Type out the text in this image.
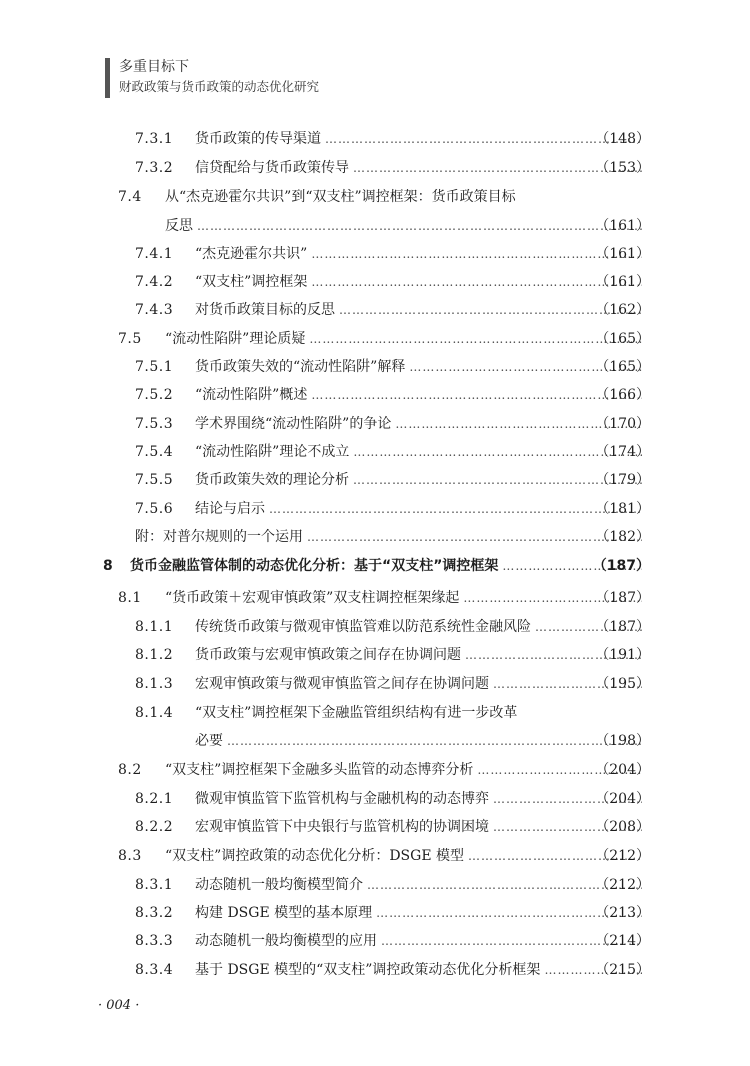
多重目标下
财政政策与货币政策的动态优化研究
7.3.1 货币政策的传导渠道 ……………………………………………………………………………………………………………………………………………………………………	（148）
7.3.2 信贷配给与货币政策传导 ……………………………………………………………………………………………………………………………………………………………………	（153）
7.4 从“杰克逊霍尔共识”到“双支柱”调控框架：货币政策目标
反思 ……………………………………………………………………………………………………………………………………………………………………	（161）
7.4.1 “杰克逊霍尔共识” ……………………………………………………………………………………………………………………………………………………………………	（161）
7.4.2 “双支柱”调控框架 ……………………………………………………………………………………………………………………………………………………………………	（161）
7.4.3 对货币政策目标的反思 ……………………………………………………………………………………………………………………………………………………………………	（162）
7.5 “流动性陷阱”理论质疑 ……………………………………………………………………………………………………………………………………………………………………	（165）
7.5.1 货币政策失效的“流动性陷阱”解释 ……………………………………………………………………………………………………………………………………………………………………	（165）
7.5.2 “流动性陷阱”概述 ……………………………………………………………………………………………………………………………………………………………………	（166）
7.5.3 学术界围绕“流动性陷阱”的争论 ……………………………………………………………………………………………………………………………………………………………………	（170）
7.5.4 “流动性陷阱”理论不成立 ……………………………………………………………………………………………………………………………………………………………………	（174）
7.5.5 货币政策失效的理论分析 ……………………………………………………………………………………………………………………………………………………………………	（179）
7.5.6 结论与启示 ……………………………………………………………………………………………………………………………………………………………………	（181）
附：对普尔规则的一个运用 ……………………………………………………………………………………………………………………………………………………………………	（182）
8 货币金融监管体制的动态优化分析：基于“双支柱”调控框架 ……………………………………………………………………………………………………………………………………………………………………	（187）
8.1 “货币政策＋宏观审慎政策”双支柱调控框架缘起 ……………………………………………………………………………………………………………………………………………………………………	（187）
8.1.1 传统货币政策与微观审慎监管难以防范系统性金融风险 ……………………………………………………………………………………………………………………………………………………………………	（187）
8.1.2 货币政策与宏观审慎政策之间存在协调问题 ……………………………………………………………………………………………………………………………………………………………………	（191）
8.1.3 宏观审慎政策与微观审慎监管之间存在协调问题 ……………………………………………………………………………………………………………………………………………………………………	（195）
8.1.4 “双支柱”调控框架下金融监管组织结构有进一步改革
必要 ……………………………………………………………………………………………………………………………………………………………………	（198）
8.2 “双支柱”调控框架下金融多头监管的动态博弈分析 ……………………………………………………………………………………………………………………………………………………………………	（204）
8.2.1 微观审慎监管下监管机构与金融机构的动态博弈 ……………………………………………………………………………………………………………………………………………………………………	（204）
8.2.2 宏观审慎监管下中央银行与监管机构的协调困境 ……………………………………………………………………………………………………………………………………………………………………	（208）
8.3 “双支柱”调控政策的动态优化分析：DSGE 模型 ……………………………………………………………………………………………………………………………………………………………………	（212）
8.3.1 动态随机一般均衡模型简介 ……………………………………………………………………………………………………………………………………………………………………	（212）
8.3.2 构建 DSGE 模型的基本原理 ……………………………………………………………………………………………………………………………………………………………………	（213）
8.3.3 动态随机一般均衡模型的应用 ……………………………………………………………………………………………………………………………………………………………………	（214）
8.3.4 基于 DSGE 模型的“双支柱”调控政策动态优化分析框架 ……………………………………………………………………………………………………………………………………………………………………	（215）
· 004 ·
